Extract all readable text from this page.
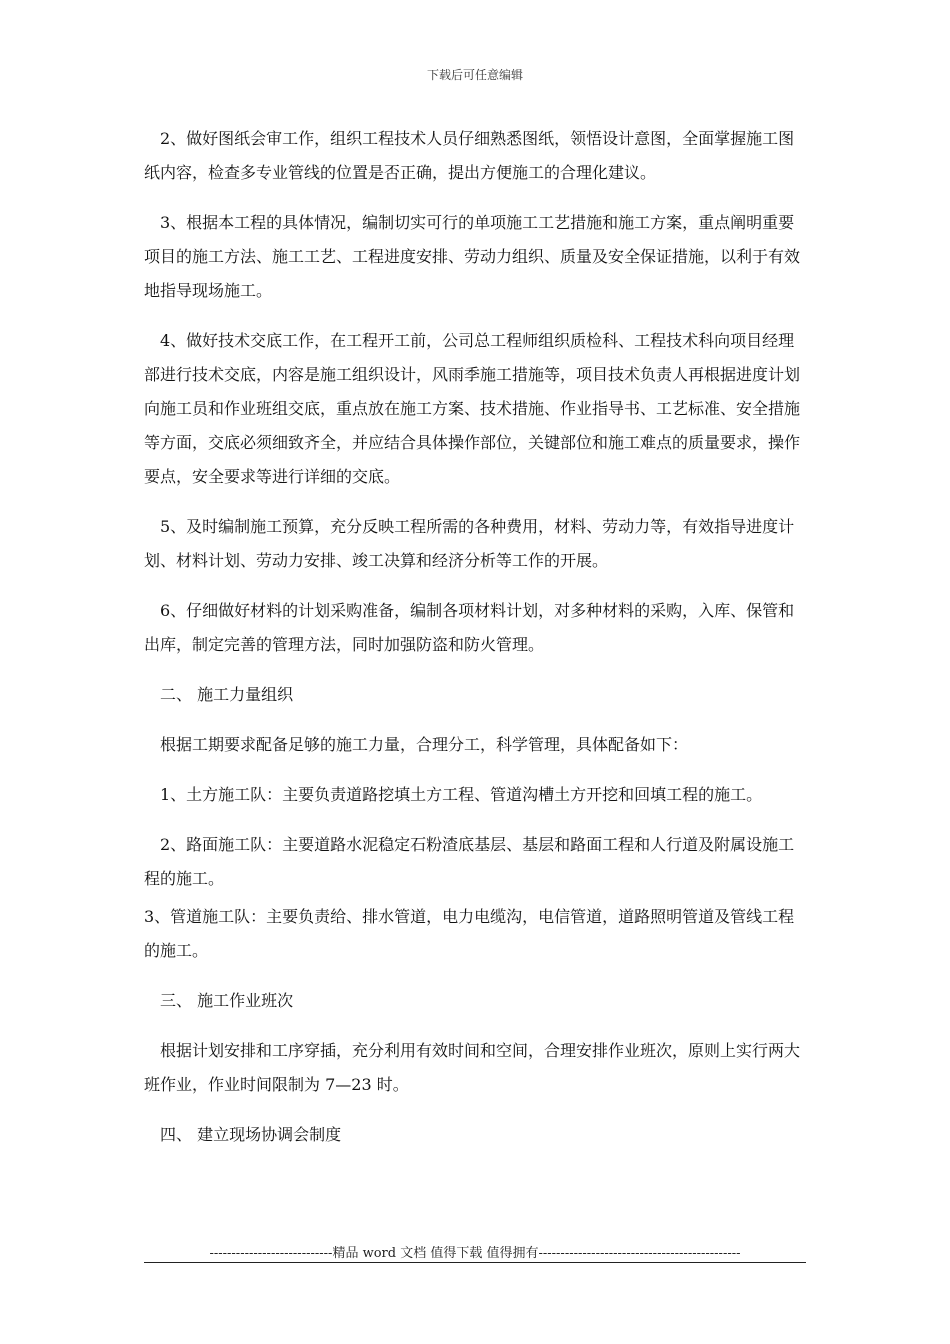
下载后可任意编辑

2、做好图纸会审工作，组织工程技术人员仔细熟悉图纸，领悟设计意图，全面掌握施工图纸内容，检查多专业管线的位置是否正确，提出方便施工的合理化建议。

3、根据本工程的具体情况，编制切实可行的单项施工工艺措施和施工方案，重点阐明重要项目的施工方法、施工工艺、工程进度安排、劳动力组织、质量及安全保证措施，以利于有效地指导现场施工。

4、做好技术交底工作，在工程开工前，公司总工程师组织质检科、工程技术科向项目经理部进行技术交底，内容是施工组织设计，风雨季施工措施等，项目技术负责人再根据进度计划向施工员和作业班组交底，重点放在施工方案、技术措施、作业指导书、工艺标准、安全措施等方面，交底必须细致齐全，并应结合具体操作部位，关键部位和施工难点的质量要求，操作要点，安全要求等进行详细的交底。

5、及时编制施工预算，充分反映工程所需的各种费用，材料、劳动力等，有效指导进度计划、材料计划、劳动力安排、竣工决算和经济分析等工作的开展。

6、仔细做好材料的计划采购准备，编制各项材料计划，对多种材料的采购，入库、保管和出库，制定完善的管理方法，同时加强防盗和防火管理。

二、 施工力量组织

根据工期要求配备足够的施工力量，合理分工，科学管理，具体配备如下：

1、土方施工队：主要负责道路挖填土方工程、管道沟槽土方开挖和回填工程的施工。

2、路面施工队：主要道路水泥稳定石粉渣底基层、基层和路面工程和人行道及附属设施工程的施工。

3、管道施工队：主要负责给、排水管道，电力电缆沟，电信管道，道路照明管道及管线工程的施工。

三、 施工作业班次

根据计划安排和工序穿插，充分利用有效时间和空间，合理安排作业班次，原则上实行两大班作业，作业时间限制为 7—23 时。

四、 建立现场协调会制度

----------------------------精品 word 文档 值得下载 值得拥有----------------------------------------------
